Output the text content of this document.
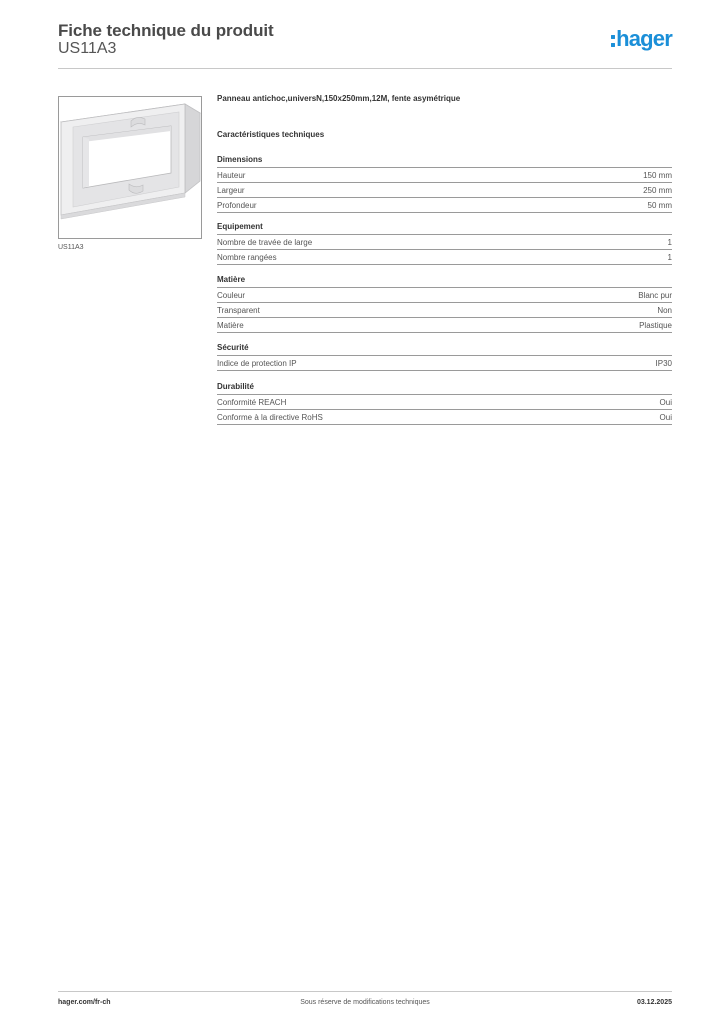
Fiche technique du produit
US11A3	hager
US11A3
Panneau antichoc,universN,150x250mm,12M, fente asymétrique
Caractéristiques techniques
Dimensions
Hauteur	150 mm
Largeur	250 mm
Profondeur	50 mm
Equipement
Nombre de travée de large	1
Nombre rangées	1
Matière
Couleur	Blanc pur
Transparent	Non
Matière	Plastique
Sécurité
Indice de protection IP	IP30
Durabilité
Conformité REACH	Oui
Conforme à la directive RoHS	Oui
hager.com/fr-ch	Sous réserve de modifications techniques	03.12.2025
